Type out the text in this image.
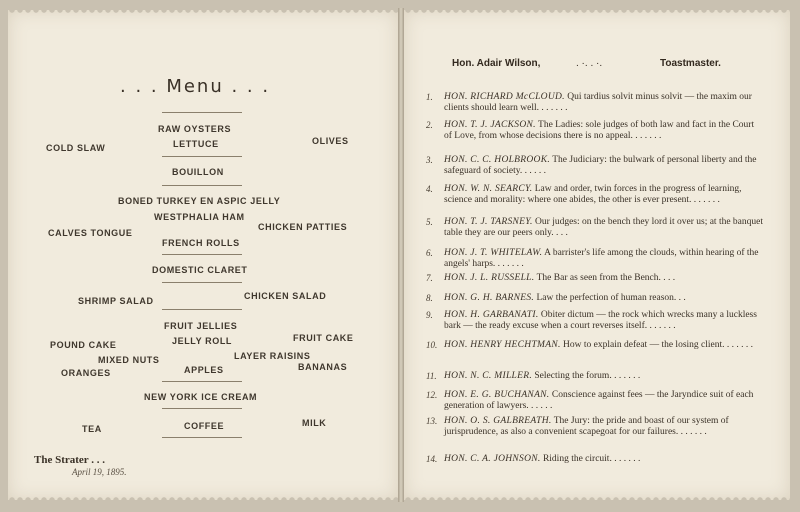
. . . Menu . . .
RAW OYSTERS
COLD SLAW	LETTUCE	OLIVES
BOUILLON
BONED TURKEY EN ASPIC JELLY
WESTPHALIA HAM
CALVES TONGUE
CHICKEN PATTIES
FRENCH ROLLS
DOMESTIC CLARET
SHRIMP SALAD	CHICKEN SALAD
FRUIT JELLIES
POUND CAKE	JELLY ROLL	FRUIT CAKE
MIXED NUTS	LAYER RAISINS
ORANGES	APPLES	BANANAS
NEW YORK ICE CREAM
TEA	COFFEE	MILK
The Strater . . .
April 19, 1895.
Hon. Adair Wilson,	. ·. . ·.	Toastmaster.
1. HON. RICHARD McCLOUD. Qui tardius solvit minus solvit — the maxim our clients should learn well. . . . . . .
2. HON. T. J. JACKSON. The Ladies: sole judges of both law and fact in the Court of Love, from whose decisions there is no appeal. . . . . . .
3. HON. C. C. HOLBROOK. The Judiciary: the bulwark of personal liberty and the safeguard of society. . . . . .
4. HON. W. N. SEARCY. Law and order, twin forces in the progress of learning, science and morality: where one abides, the other is ever present. . . . . . .
5. HON. T. J. TARSNEY. Our judges: on the bench they lord it over us; at the banquet table they are our peers only. . . .
6. HON. J. T. WHITELAW. A barrister's life among the clouds, within hearing of the angels' harps. . . . . . .
7. HON. J. L. RUSSELL. The Bar as seen from the Bench. . . .
8. HON. G. H. BARNES. Law the perfection of human reason. . .
9. HON. H. GARBANATI. Obiter dictum — the rock which wrecks many a luckless bark — the ready excuse when a court reverses itself. . . . . . .
10. HON. HENRY HECHTMAN. How to explain defeat — the losing client. . . . . . .
11. HON. N. C. MILLER. Selecting the forum. . . . . . .
12. HON. E. G. BUCHANAN. Conscience against fees — the Jaryndice suit of each generation of lawyers. . . . . .
13. HON. O. S. GALBREATH. The Jury: the pride and boast of our system of jurisprudence, as also a convenient scapegoat for our failures. . . . . . .
14. HON. C. A. JOHNSON. Riding the circuit. . . . . . .
